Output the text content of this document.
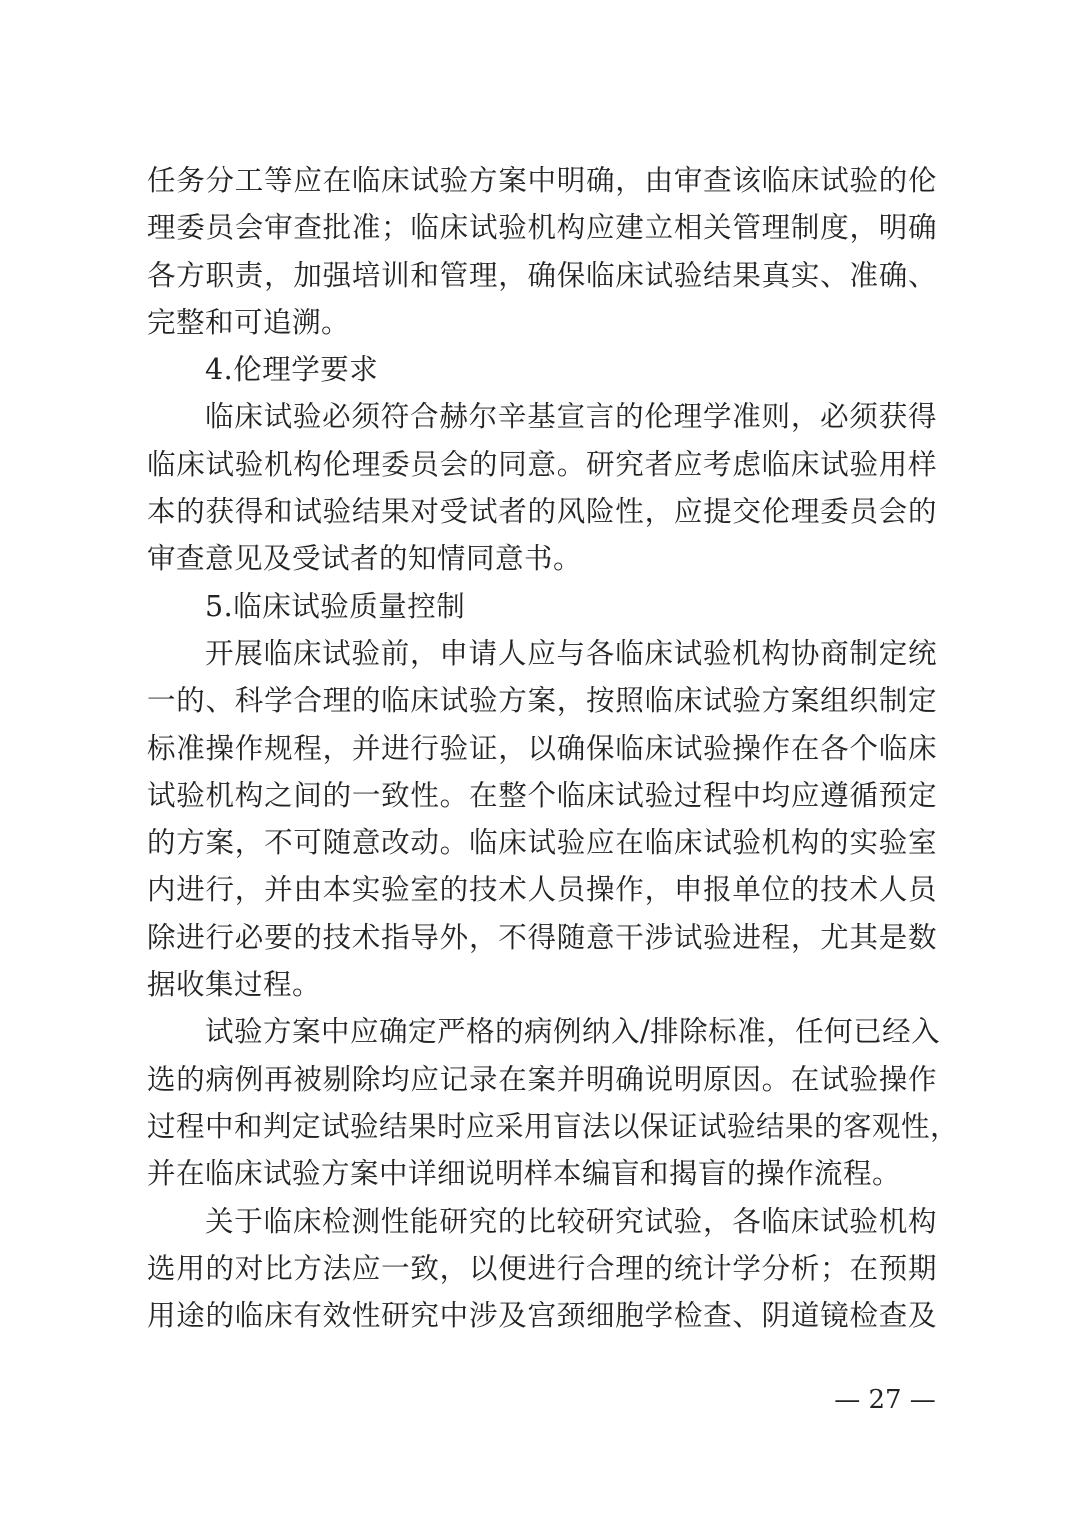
任务分工等应在临床试验方案中明确，由审查该临床试验的伦
理委员会审查批准；临床试验机构应建立相关管理制度，明确
各方职责，加强培训和管理，确保临床试验结果真实、准确、
完整和可追溯。
4.伦理学要求
临床试验必须符合赫尔辛基宣言的伦理学准则，必须获得
临床试验机构伦理委员会的同意。研究者应考虑临床试验用样
本的获得和试验结果对受试者的风险性，应提交伦理委员会的
审查意见及受试者的知情同意书。
5.临床试验质量控制
开展临床试验前，申请人应与各临床试验机构协商制定统
一的、科学合理的临床试验方案，按照临床试验方案组织制定
标准操作规程，并进行验证，以确保临床试验操作在各个临床
试验机构之间的一致性。在整个临床试验过程中均应遵循预定
的方案，不可随意改动。临床试验应在临床试验机构的实验室
内进行，并由本实验室的技术人员操作，申报单位的技术人员
除进行必要的技术指导外，不得随意干涉试验进程，尤其是数
据收集过程。
试验方案中应确定严格的病例纳入/排除标准，任何已经入
选的病例再被剔除均应记录在案并明确说明原因。在试验操作
过程中和判定试验结果时应采用盲法以保证试验结果的客观性，
并在临床试验方案中详细说明样本编盲和揭盲的操作流程。
关于临床检测性能研究的比较研究试验，各临床试验机构
选用的对比方法应一致，以便进行合理的统计学分析；在预期
用途的临床有效性研究中涉及宫颈细胞学检查、阴道镜检查及
— 27 —
